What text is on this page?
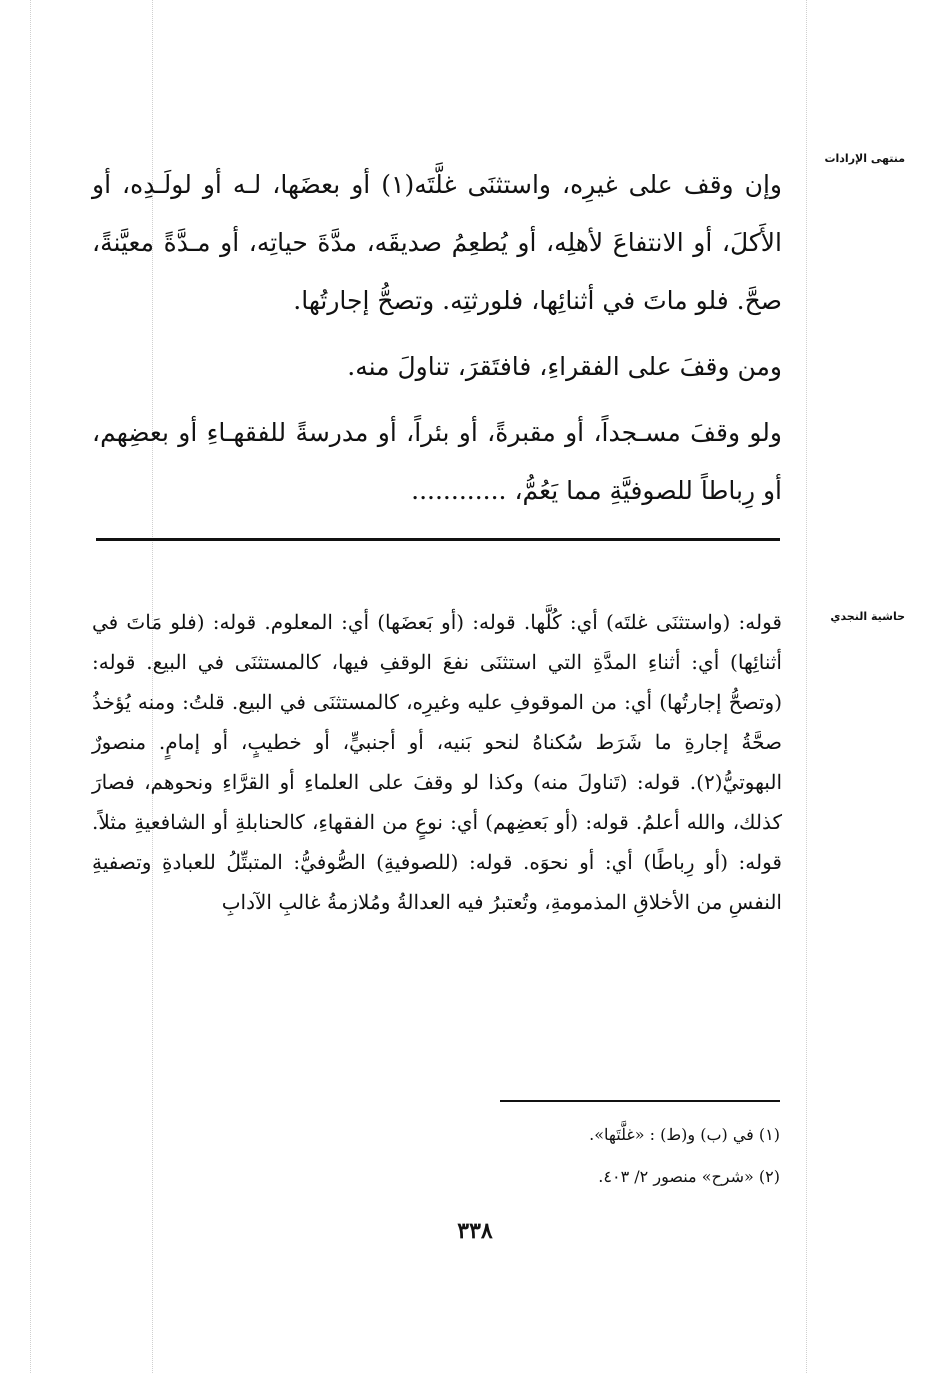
منتهى الإرادات

وإن وقف على غيرِه، واستثنَى غلَّتَه(١) أو بعضَها، لـه أو لولَـدِه، أو الأَكلَ، أو الانتفاعَ لأهلِه، أو يُطعِمُ صديقَه، مدَّةَ حياتِه، أو مـدَّةً معيَّنةً، صحَّ. فلو ماتَ في أثنائِها، فلورثتِه. وتصحُّ إجارتُها.

ومن وقفَ على الفقراءِ، فافتَقرَ، تناولَ منه.

ولو وقفَ مسـجداً، أو مقبرةً، أو بئراً، أو مدرسةً للفقهـاءِ أو بعضِهم، أو رِباطاً للصوفيَّةِ مما يَعُمُّ، ............

حاشية النجدي

قوله: (واستثنَى غلتَه) أي: كُلَّها. قوله: (أو بَعضَها) أي: المعلوم. قوله: (فلو مَاتَ في أثنائِها) أي: أثناءِ المدَّةِ التي استثنَى نفعَ الوقفِ فيها، كالمستثنَى في البيع. قوله: (وتصحُّ إجارتُها) أي: من الموقوفِ عليه وغيرِه، كالمستثنَى في البيع. قلتُ: ومنه يُؤخذُ صحَّةُ إجارةِ ما شَرَط سُكناهُ لنحو بَنيه، أو أجنبيٍّ، أو خطيبٍ، أو إمامٍ. منصورٌ البهوتيُّ(٢). قوله: (تَناولَ منه) وكذا لو وقفَ على العلماءِ أو القرَّاءِ ونحوهم، فصارَ كذلك، والله أعلمُ. قوله: (أو بَعضِهم) أي: نوعٍ من الفقهاءِ، كالحنابلةِ أو الشافعيةِ مثلاً. قوله: (أو رِباطًا) أي: أو نحوَه. قوله: (للصوفيةِ) الصُّوفيُّ: المتبتِّلُ للعبادةِ وتصفيةِ النفسِ من الأخلاقِ المذمومةِ، وتُعتبرُ فيه العدالةُ ومُلازمةُ غالبِ الآدابِ

(١) في (ب) و(ط) : «غلَّتَها».

(٢) «شرح» منصور ٢/ ٤٠٣.

٣٣٨
